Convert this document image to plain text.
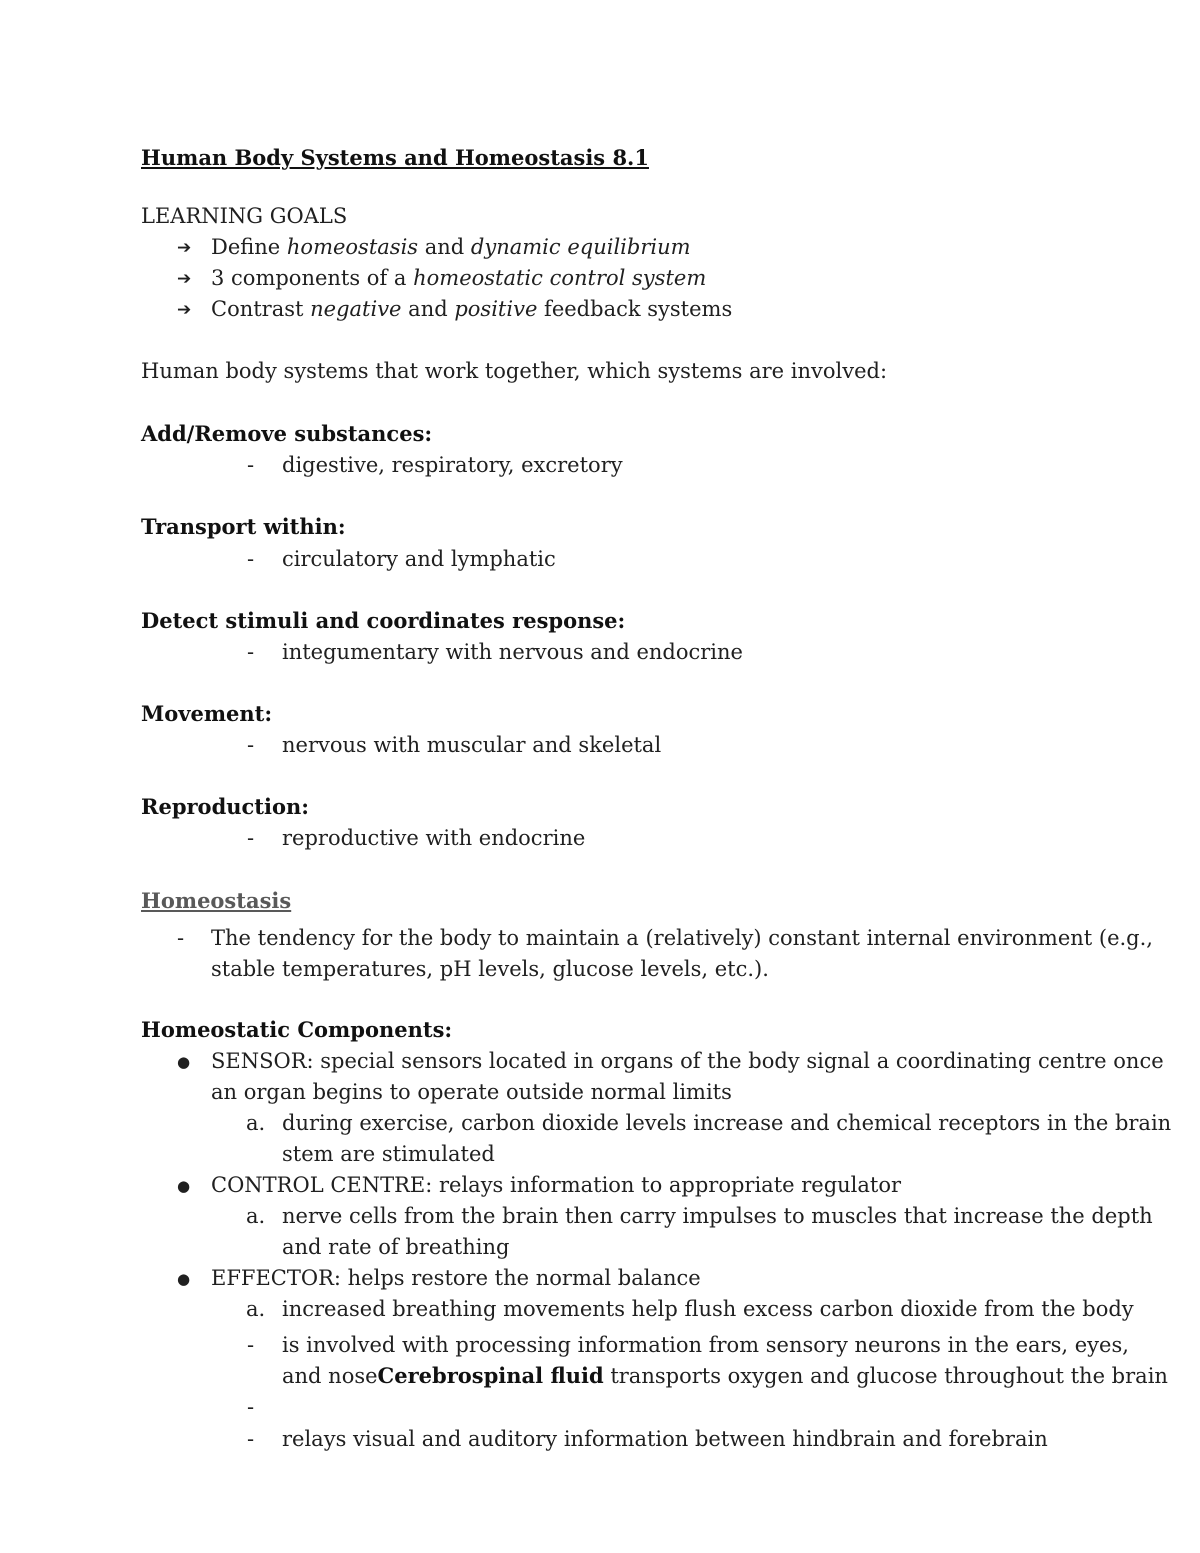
Human Body Systems and Homeostasis 8.1
LEARNING GOALS
➔ Define homeostasis and dynamic equilibrium
➔ 3 components of a homeostatic control system
➔ Contrast negative and positive feedback systems
Human body systems that work together, which systems are involved:
Add/Remove substances:
- digestive, respiratory, excretory
Transport within:
- circulatory and lymphatic
Detect stimuli and coordinates response:
- integumentary with nervous and endocrine
Movement:
- nervous with muscular and skeletal
Reproduction:
- reproductive with endocrine
Homeostasis
- The tendency for the body to maintain a (relatively) constant internal environment (e.g.,
stable temperatures, pH levels, glucose levels, etc.).
Homeostatic Components:
● SENSOR: special sensors located in organs of the body signal a coordinating centre once
an organ begins to operate outside normal limits
a. during exercise, carbon dioxide levels increase and chemical receptors in the brain
stem are stimulated
● CONTROL CENTRE: relays information to appropriate regulator
a. nerve cells from the brain then carry impulses to muscles that increase the depth
and rate of breathing
● EFFECTOR: helps restore the normal balance
a. increased breathing movements help flush excess carbon dioxide from the body
- is involved with processing information from sensory neurons in the ears, eyes,
and noseCerebrospinal fluid transports oxygen and glucose throughout the brain
-
- relays visual and auditory information between hindbrain and forebrain
